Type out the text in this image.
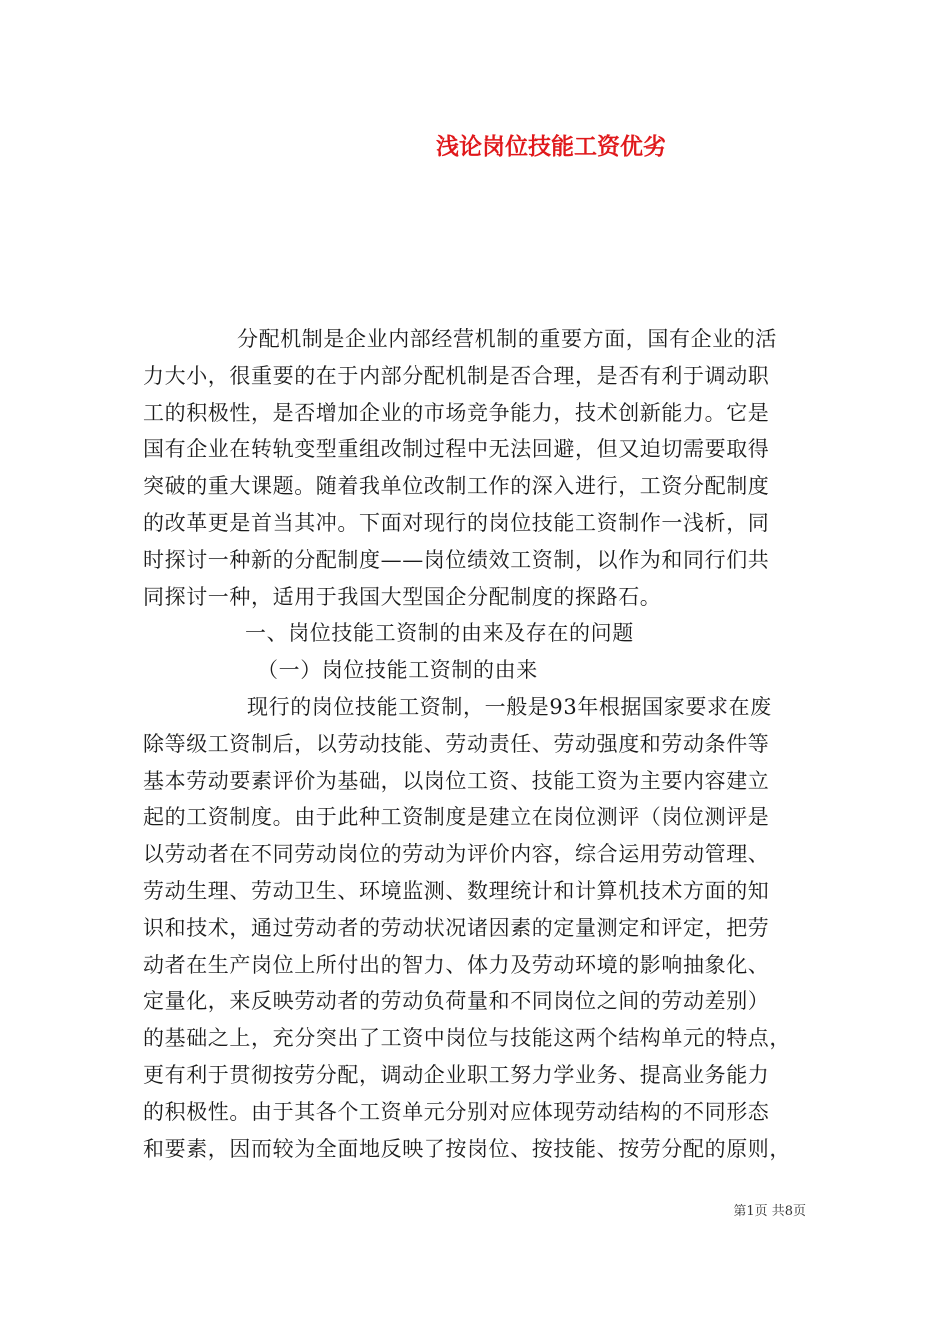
浅论岗位技能工资优劣
分配机制是企业内部经营机制的重要方面，国有企业的活
力大小，很重要的在于内部分配机制是否合理，是否有利于调动职
工的积极性，是否增加企业的市场竞争能力，技术创新能力。它是
国有企业在转轨变型重组改制过程中无法回避，但又迫切需要取得
突破的重大课题。随着我单位改制工作的深入进行，工资分配制度
的改革更是首当其冲。下面对现行的岗位技能工资制作一浅析，同
时探讨一种新的分配制度——岗位绩效工资制，以作为和同行们共
同探讨一种，适用于我国大型国企分配制度的探路石。
一、岗位技能工资制的由来及存在的问题
（一）岗位技能工资制的由来
现行的岗位技能工资制，一般是93年根据国家要求在废
除等级工资制后，以劳动技能、劳动责任、劳动强度和劳动条件等
基本劳动要素评价为基础，以岗位工资、技能工资为主要内容建立
起的工资制度。由于此种工资制度是建立在岗位测评（岗位测评是
以劳动者在不同劳动岗位的劳动为评价内容，综合运用劳动管理、
劳动生理、劳动卫生、环境监测、数理统计和计算机技术方面的知
识和技术，通过劳动者的劳动状况诸因素的定量测定和评定，把劳
动者在生产岗位上所付出的智力、体力及劳动环境的影响抽象化、
定量化，来反映劳动者的劳动负荷量和不同岗位之间的劳动差别）
的基础之上，充分突出了工资中岗位与技能这两个结构单元的特点，
更有利于贯彻按劳分配，调动企业职工努力学业务、提高业务能力
的积极性。由于其各个工资单元分别对应体现劳动结构的不同形态
和要素，因而较为全面地反映了按岗位、按技能、按劳分配的原则，
第1页 共8页
